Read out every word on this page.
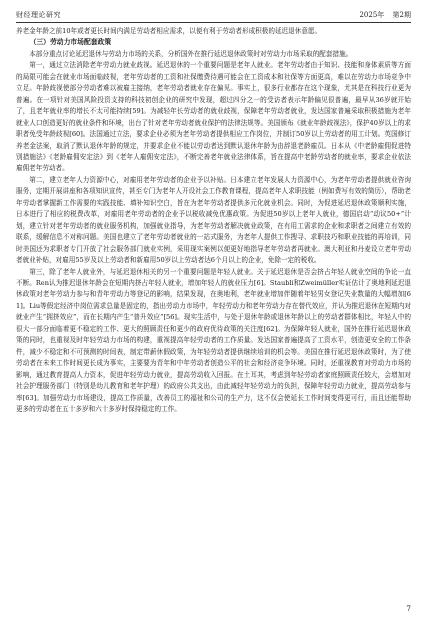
财经理论研究	2025年 第2期

养老金年龄之前10年或者更长时间内满足劳动者相应需求，以便有利于劳动者形成积极的延迟退休意愿。

（三）劳动力市场配套政策

本部分重点讨论延迟退休与劳动力市场的关系，分析国外在推行延迟退休政策时对劳动力市场采取的配套措施。

第一，通过立法消除老年劳动力就业歧视。延迟退休的一个重要问题是老年人就业。老年劳动者由于知识、技能和身体素质等方面的局限可能会在就业市场面临歧视，老年劳动者的工资和社保缴费待遇可能会在工资成本和社保等方面更高，难以在劳动力市场竞争中立足。年龄歧视使部分劳动者难以被雇主接纳，老年劳动者就业存在偏见。事实上，很多行业都存在这个现象，尤其是在科技行业更为普遍。在一项针对美国风险投资支持的科技初创企业的研究中发现，超过四分之一的受访者表示年龄偏见很普遍，最早从36岁就开始了，且老年就业率的增长不太可能持续[59]。为减轻年长劳动者的就业歧视，保障老年劳动者就业，发达国家普遍采取积极措施为老年就业人口创造更好的就业条件和环境，出台了针对老年劳动者就业保护的法律法规等。美国颁布《就业年龄歧视法》，保护40岁以上的求职者免受年龄歧视[60]。法国通过立法，要求企业必须为老年劳动者提供相应工作岗位，并制订50岁以上劳动者的用工计划。英国修订养老金法案，取消了默认退休年龄的规定，并要求企业不能以劳动者达到默认退休年龄为由辞退老龄雇员。日本从《中老龄雇佣促进特别措施法》《老龄雇佣安定法》到《老年人雇佣安定法》，不断完善老年就业法律体系，旨在提高中老龄劳动者的就业率，要求企业依法雇佣老年劳动者。

第二，建立老年人力资源中心，对雇用老年劳动者的企业予以补贴。日本建立老年发展人力资源中心，为老年劳动者提供就业咨询服务，定期开展讲座和各项知识宣传，甚至专门为老年人开设社会工作教育课程，提高老年人求职技能（例如费写有效的简历），帮助老年劳动者掌握新工作需要的实践技能、填补知识空白，旨在为老年劳动者提供多元化就业机会。同时，为促进延迟退休政策顺利实施，日本进行了相应的税费改革，对雇用老年劳动者的企业予以税收减免优惠政策。为促进50岁以上老年人就业，德国启动“动议50+”计划，建立针对老年劳动者的就业服务机构，加强就业指导，为老年劳动者解决就业政策，在有用工需求的企业和求职者之间建立有效的联系，缓解信息不对称问题。美国也建立了老年劳动者就业的一站式服务，为老年人提供工作搜寻、求职技巧和职业技能的再培训，同时美国还为求职者专门开放了社会服务部门就业实例，采用现实案例以便更好地指导老年劳动者再就业。澳大利亚和丹麦设立老年劳动者就业补贴，对雇用55岁及以上劳动者和新雇用50岁以上劳动者达6个月以上的企业，免除一定的税收。

第三，除了老年人就业外，与延迟退休相关的另一个重要问题是年轻人就业。关于延迟退休是否会挤占年轻人就业空间的争论一直不断。Ren认为推迟退休年龄会在短期内挤占年轻人就业，增加年轻人的就业压力[6]。Staubli和Zweimüller实证估计了奥地利延迟退休政策对老年劳动力参与和青年劳动力等登记的影响，结果发现，在奥地利，老年就业增加伴随着年轻男女登记失业数量的大幅增加[61]。Liu等假定经济中岗位需求总量是固定的，指出劳动力市场中，年轻劳动力和老年劳动力存在替代效应，并认为推迟退休在短期内对就业产生“拥挤效应”，而在长期内产生“普升效应”[56]。现实生活中，与处于退休年龄或退休年龄以上的劳动者群体相比，年轻人中的很大一部分面临着更不稳定的工作、更大的照顾责任和更少的政府优待政策的关注度[62]。为保障年轻人就业，国外在推行延迟退休政策的同时，也重视及时年轻劳动力市场的构建，重视提高年轻劳动者的工作质量。发达国家普遍提高了工资水平，创造更安全的工作条件，减少不稳定和不可预测的时间表，制定带薪休假政策，为年轻劳动者提供继续培训的机会等。美国在推行延迟退休政策时，为了使劳动者在未来工作时间更长成为事实，主要要为青年和中年劳动者创造公平的社会和经济竞争环境。同时，还重视教育对劳动力市场的影响，通过教育提高人力资本，促进年轻劳动力就业，提高劳动收入回报。在土耳其，考虑到年轻劳动者家庭照顾责任较大，会增加对社会护理服务部门（特别是幼儿教育和老年护理）的政府公共支出，由此减轻年轻劳动力的负担，保障年轻劳动力就业，提高劳动参与率[63]。加强劳动力市场建设，提高工作质量，改善员工的福祉和公司的生产力，这不仅会使延长工作时间变得更可行，而且还能帮助更多的劳动者在五十多岁和六十多岁时保持稳定的工作。

7
